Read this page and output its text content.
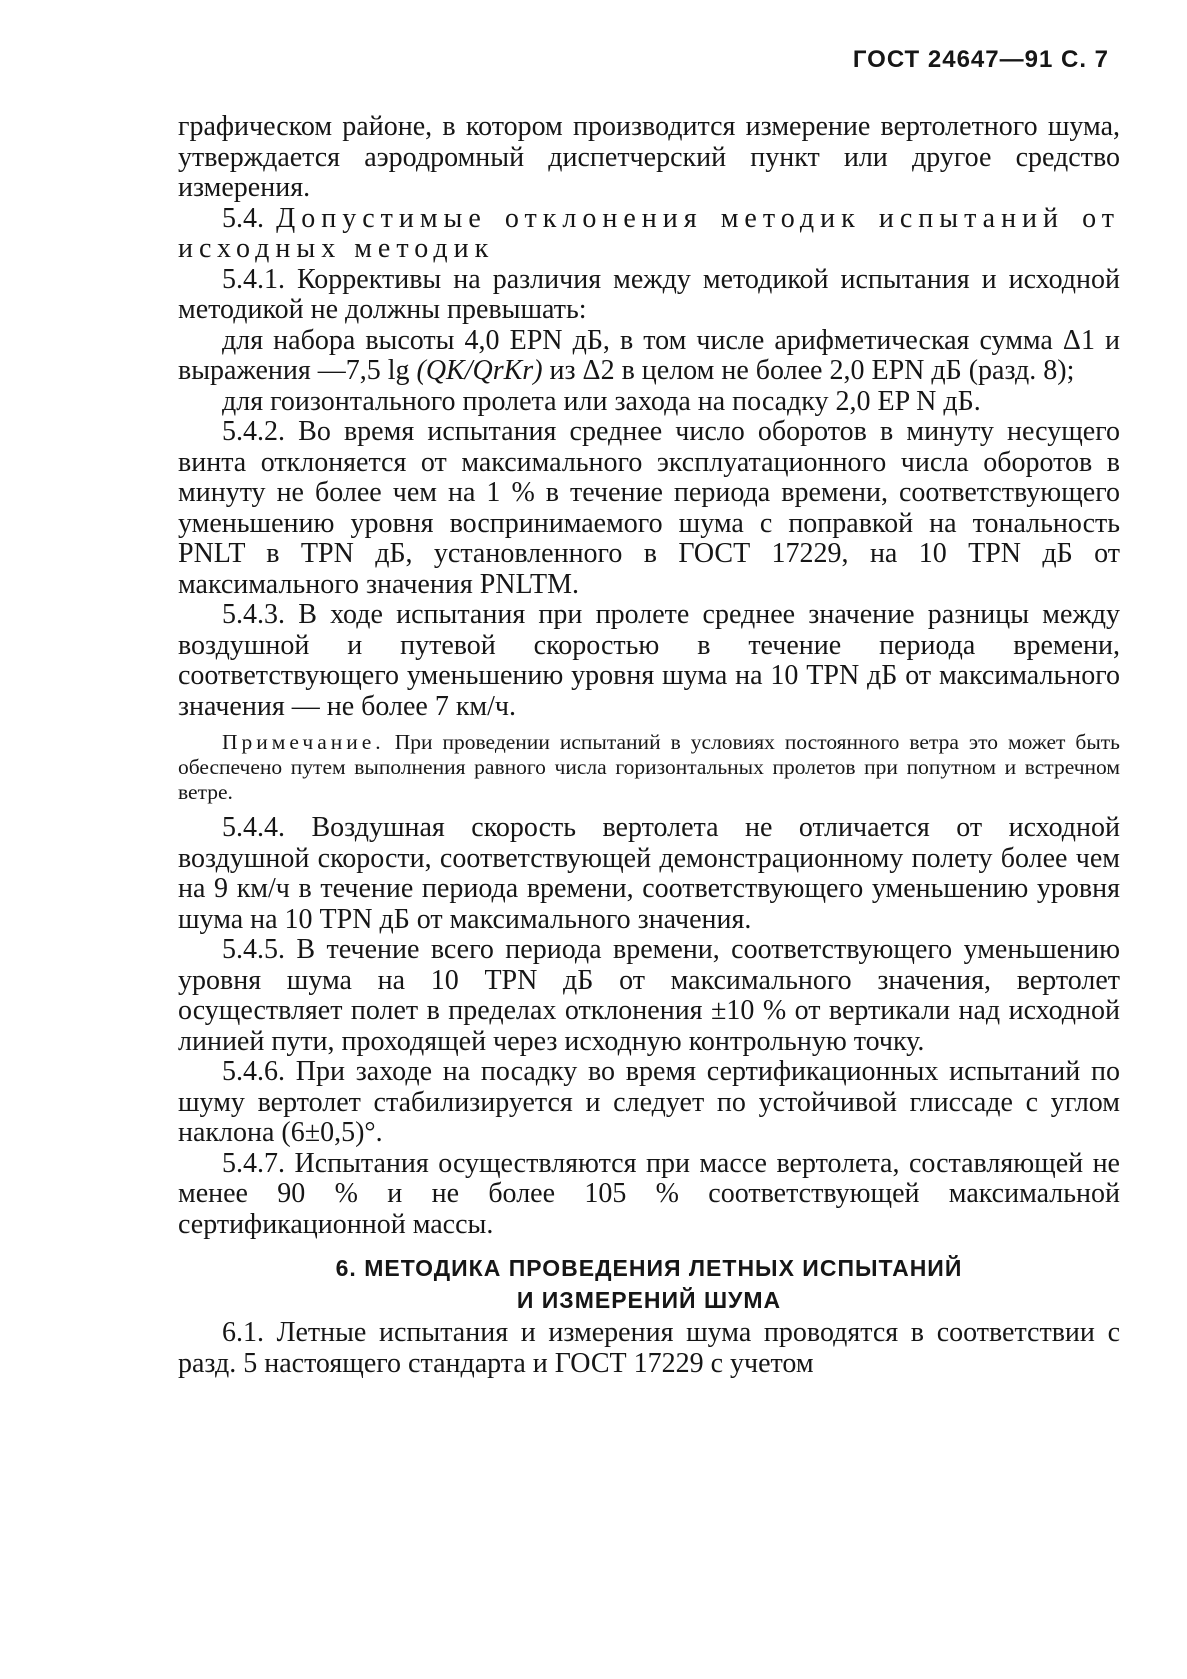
ГОСТ 24647—91 С. 7

графическом районе, в котором производится измерение вертолетного шума, утверждается аэродромный диспетчерский пункт или другое средство измерения.

5.4. Допустимые отклонения методик испытаний от исходных методик

5.4.1. Коррективы на различия между методикой испытания и исходной методикой не должны превышать:

для набора высоты 4,0 EPN дБ, в том числе арифметическая сумма Δ1 и выражения —7,5 lg (QK/QrKr) из Δ2 в целом не более 2,0 EPN дБ (разд. 8);

для гоизонтального пролета или захода на посадку 2,0 EP N дБ.

5.4.2. Во время испытания среднее число оборотов в минуту несущего винта отклоняется от максимального эксплуатационного числа оборотов в минуту не более чем на 1 % в течение периода времени, соответствующего уменьшению уровня воспринимаемого шума с поправкой на тональность PNLT в TPN дБ, установленного в ГОСТ 17229, на 10 TPN дБ от максимального значения PNLTM.

5.4.3. В ходе испытания при пролете среднее значение разницы между воздушной и путевой скоростью в течение периода времени, соответствующего уменьшению уровня шума на 10 TPN дБ от максимального значения — не более 7 км/ч.

Примечание. При проведении испытаний в условиях постоянного ветра это может быть обеспечено путем выполнения равного числа горизонтальных пролетов при попутном и встречном ветре.

5.4.4. Воздушная скорость вертолета не отличается от исходной воздушной скорости, соответствующей демонстрационному полету более чем на 9 км/ч в течение периода времени, соответствующего уменьшению уровня шума на 10 TPN дБ от максимального значения.

5.4.5. В течение всего периода времени, соответствующего уменьшению уровня шума на 10 TPN дБ от максимального значения, вертолет осуществляет полет в пределах отклонения ±10 % от вертикали над исходной линией пути, проходящей через исходную контрольную точку.

5.4.6. При заходе на посадку во время сертификационных испытаний по шуму вертолет стабилизируется и следует по устойчивой глиссаде с углом наклона (6±0,5)°.

5.4.7. Испытания осуществляются при массе вертолета, составляющей не менее 90 % и не более 105 % соответствующей максимальной сертификационной массы.

6. МЕТОДИКА ПРОВЕДЕНИЯ ЛЕТНЫХ ИСПЫТАНИЙ
И ИЗМЕРЕНИЙ ШУМА

6.1. Летные испытания и измерения шума проводятся в соответствии с разд. 5 настоящего стандарта и ГОСТ 17229 с учетом
